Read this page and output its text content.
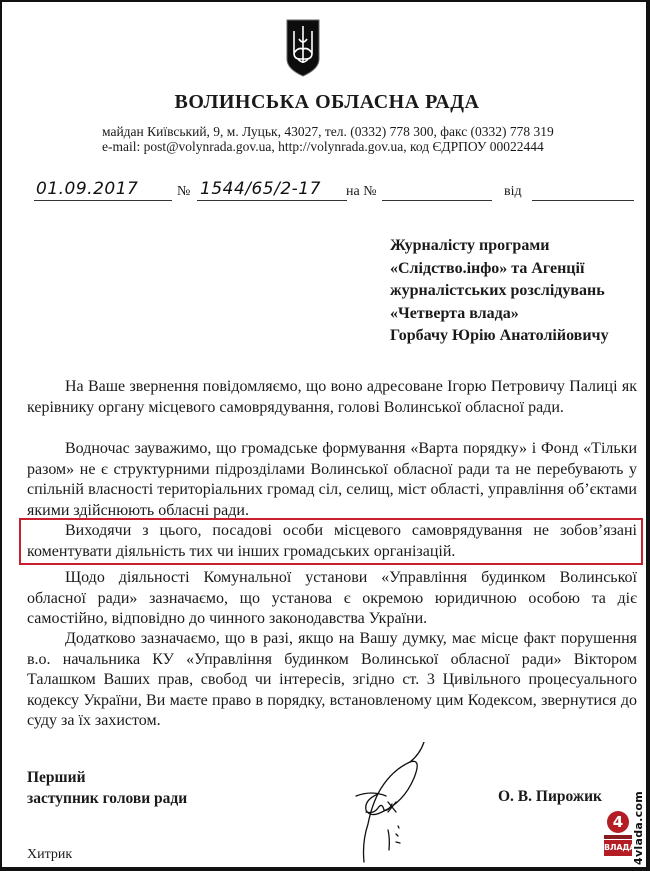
ВОЛИНСЬКА ОБЛАСНА РАДА
майдан Київський, 9, м. Луцьк, 43027, тел. (0332) 778 300, факс (0332) 778 319
e-mail: post@volynrada.gov.ua, http://volynrada.gov.ua, код ЄДРПОУ 00022444
01.09.2017	№ 1544/65/2-17 на №	від
Журналісту програми
«Слідство.інфо» та Агенції
журналістських розслідувань
«Четверта влада»
Горбачу Юрію Анатолійовичу

На Ваше звернення повідомляємо, що воно адресоване Ігорю Петровичу Палиці як керівнику органу місцевого самоврядування, голові Волинської обласної ради.

Водночас зауважимо, що громадське формування «Варта порядку» і Фонд «Тільки разом» не є структурними підрозділами Волинської обласної ради та не перебувають у спільній власності територіальних громад сіл, селищ, міст області, управління об’єктами якими здійснюють обласні ради.

Виходячи з цього, посадові особи місцевого самоврядування не зобов’язані коментувати діяльність тих чи інших громадських організацій.

Щодо діяльності Комунальної установи «Управління будинком Волинської обласної ради» зазначаємо, що установа є окремою юридичною особою та діє самостійно, відповідно до чинного законодавства України.

Додатково зазначаємо, що в разі, якщо на Вашу думку, має місце факт порушення в.о. начальника КУ «Управління будинком Волинської обласної ради» Віктором Талашком Ваших прав, свобод чи інтересів, згідно ст. 3 Цивільного процесуального кодексу України, Ви маєте право в порядку, встановленому цим Кодексом, звернутися до суду за їх захистом.

Перший
заступник голови ради	О. В. Пирожик
Хитрик
4
ВЛАДА
4vlada.com
